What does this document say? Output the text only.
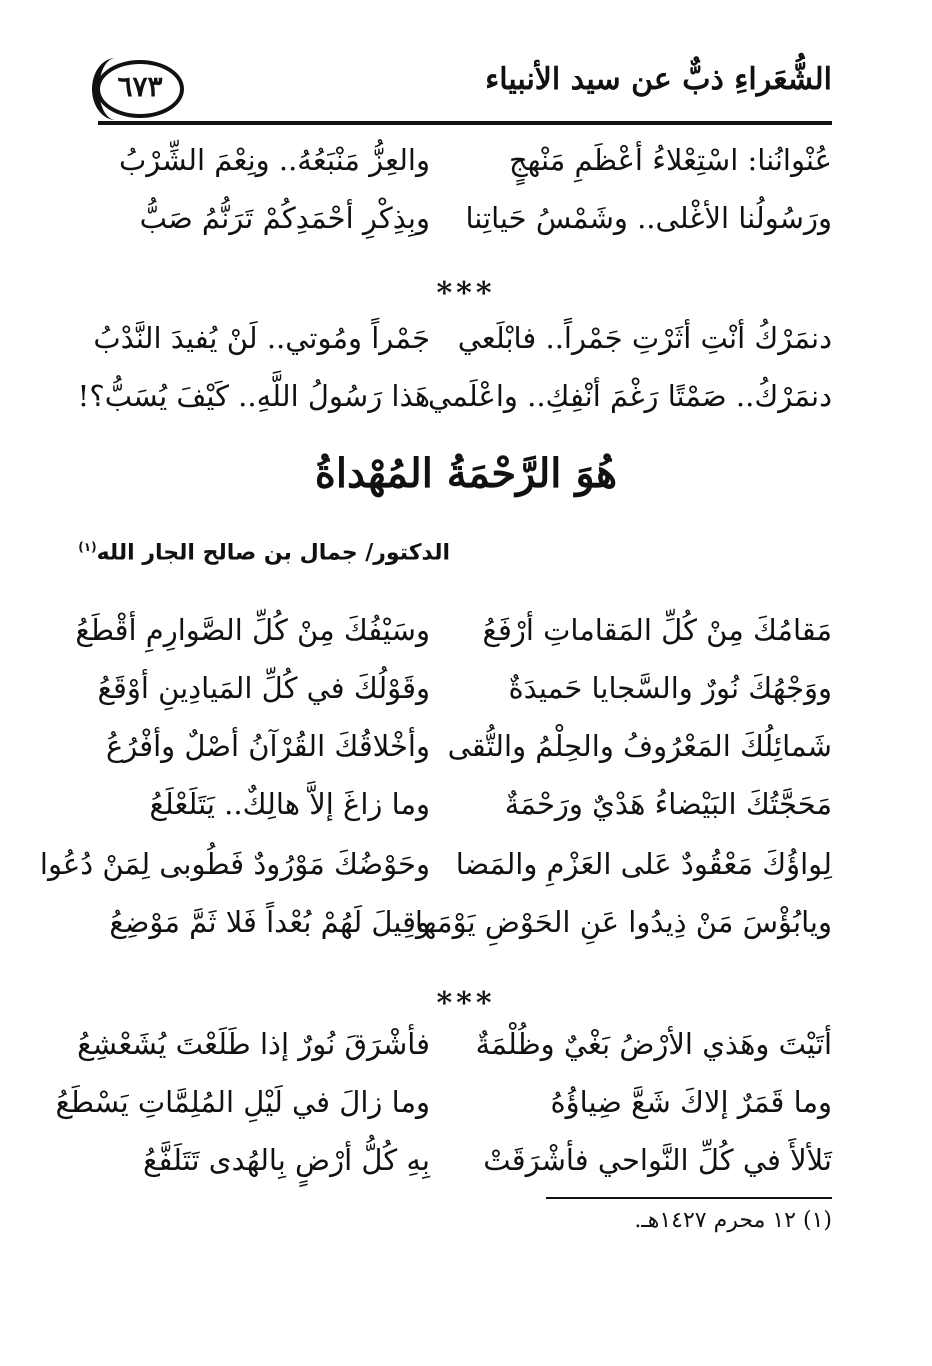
الشُّعَراءِ ذبٌّ عن سيد الأنبياء
٦٧٣
عُنْوانُنا: اسْتِعْلاءُ أعْظَمِ مَنْهجٍ
والعِزُّ مَنْبَعُهُ.. ونِعْمَ الشِّرْبُ
ورَسُولُنا الأغْلى.. وشَمْسُ حَياتِنا
وبِذِكْرِ أحْمَدِكُمْ تَرَنُّمُ صَبُّ
***
دنمَرْكُ أنْتِ أثَرْتِ جَمْراً.. فابْلَعي
جَمْراً ومُوتي.. لَنْ يُفيدَ النَّدْبُ
دنمَرْكُ.. صَمْتًا رَغْمَ أنْفِكِ.. واعْلَمي
هَذا رَسُولُ اللَّهِ.. كَيْفَ يُسَبُّ؟!
هُوَ الرَّحْمَةُ المُهْداةُ
الدكتور/ جمال بن صالح الجار الله$^{(١)}$
مَقامُكَ مِنْ كُلِّ المَقاماتِ أرْفَعُ
وسَيْفُكَ مِنْ كُلِّ الصَّوارِمِ أقْطَعُ
ووَجْهُكَ نُورٌ والسَّجايا حَميدَةٌ
وقَوْلُكَ في كُلِّ المَيادِينِ أوْقَعُ
شَمائِلُكَ المَعْرُوفُ والحِلْمُ والتُّقى
وأخْلاقُكَ القُرْآنُ أصْلٌ وأفْرُعُ
مَحَجَّتُكَ البَيْضاءُ هَدْيٌ ورَحْمَةٌ
وما زاغَ إلاَّ هالِكٌ.. يَتَلَعْلَعُ
لِواؤُكَ مَعْقُودٌ عَلى العَزْمِ والمَضا
وحَوْضُكَ مَوْرُودٌ فَطُوبى لِمَنْ دُعُوا
ويابُؤْسَ مَنْ ذِيدُوا عَنِ الحَوْضِ يَوْمَها
وقِيلَ لَهُمْ بُعْداً فَلا ثَمَّ مَوْضِعُ
***
أتَيْتَ وهَذي الأرْضُ بَغْيٌ وظُلْمَةٌ
فأشْرَقَ نُورٌ إذا طَلَعْتَ يُشَعْشِعُ
وما قَمَرٌ إلاكَ شَعَّ ضِياؤُهُ
وما زالَ في لَيْلِ المُلِمَّاتِ يَسْطَعُ
تَلألأَ في كُلِّ النَّواحي فأشْرَقَتْ
بِهِ كُلُّ أرْضٍ بِالهُدى تَتَلَفَّعُ
(١) ١٢ محرم ١٤٢٧هـ.
